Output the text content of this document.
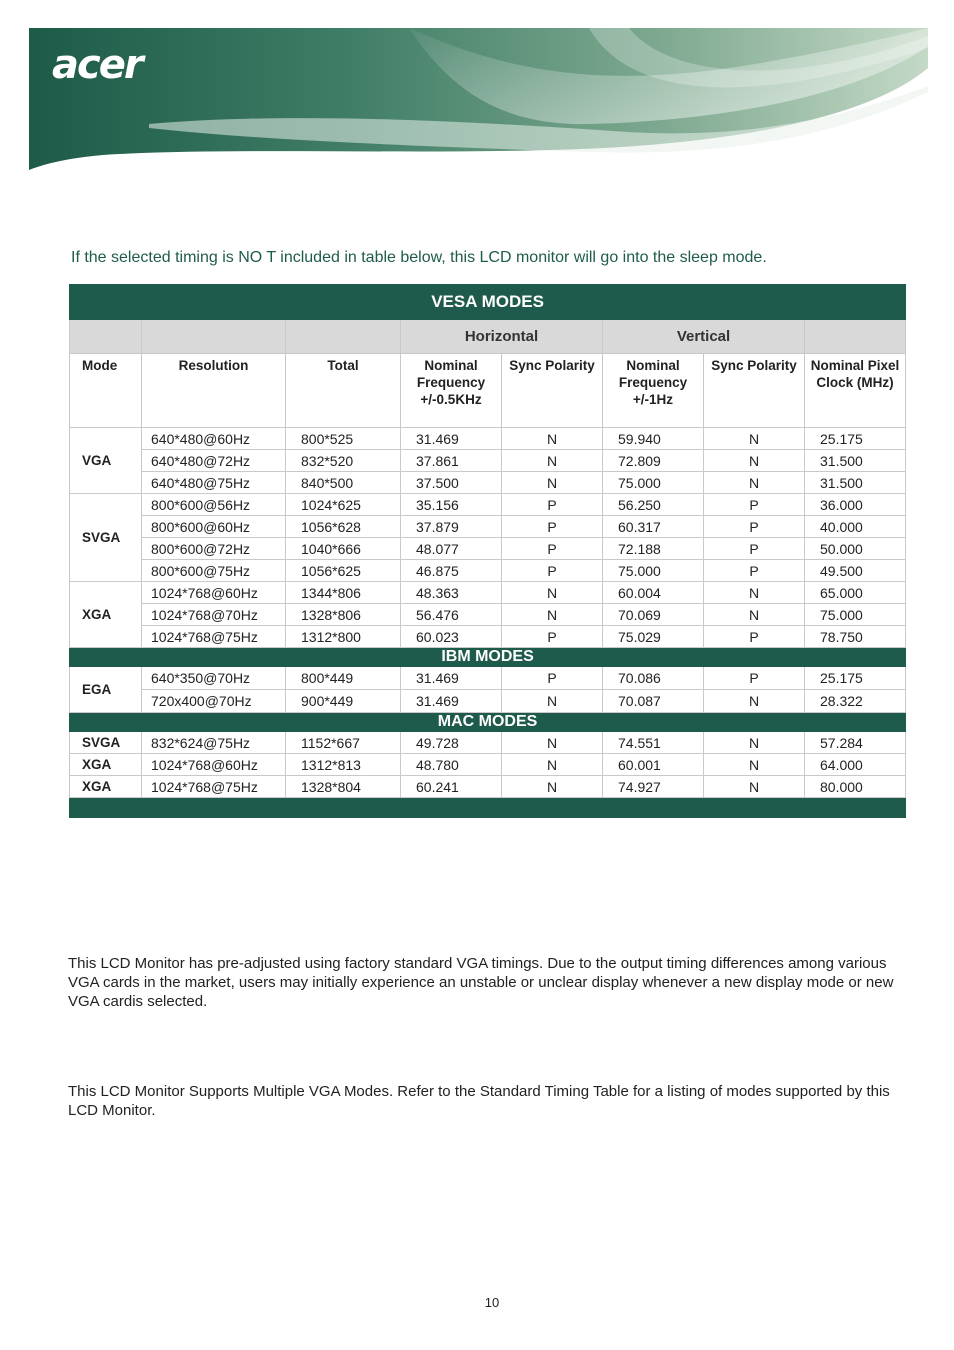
acer

If the selected timing is NO T included in table below, this LCD monitor will go into the sleep mode.

VESA MODES							
			Horizontal		Vertical		
Mode	Resolution	Total	Nominal Frequency +/-0.5KHz	Sync Polarity	Nominal Frequency +/-1Hz	Sync Polarity	Nominal Pixel Clock (MHz)
VGA	640*480@60Hz	800*525	31.469	N	59.940	N	25.175
	640*480@72Hz	832*520	37.861	N	72.809	N	31.500
	640*480@75Hz	840*500	37.500	N	75.000	N	31.500
SVGA	800*600@56Hz	1024*625	35.156	P	56.250	P	36.000
	800*600@60Hz	1056*628	37.879	P	60.317	P	40.000
	800*600@72Hz	1040*666	48.077	P	72.188	P	50.000
	800*600@75Hz	1056*625	46.875	P	75.000	P	49.500
XGA	1024*768@60Hz	1344*806	48.363	N	60.004	N	65.000
	1024*768@70Hz	1328*806	56.476	N	70.069	N	75.000
	1024*768@75Hz	1312*800	60.023	P	75.029	P	78.750
IBM MODES							
EGA	640*350@70Hz	800*449	31.469	P	70.086	P	25.175
	720x400@70Hz	900*449	31.469	N	70.087	N	28.322
MAC MODES							
SVGA	832*624@75Hz	1152*667	49.728	N	74.551	N	57.284
XGA	1024*768@60Hz	1312*813	48.780	N	60.001	N	64.000
XGA	1024*768@75Hz	1328*804	60.241	N	74.927	N	80.000

This LCD Monitor has pre-adjusted using factory standard VGA timings. Due to the output timing differences among various VGA cards in the market, users may initially experience an unstable or unclear display whenever a new display mode or new VGA cardis selected.

This LCD Monitor Supports Multiple VGA Modes. Refer to the Standard Timing Table for a listing of modes supported by this LCD Monitor.

10
